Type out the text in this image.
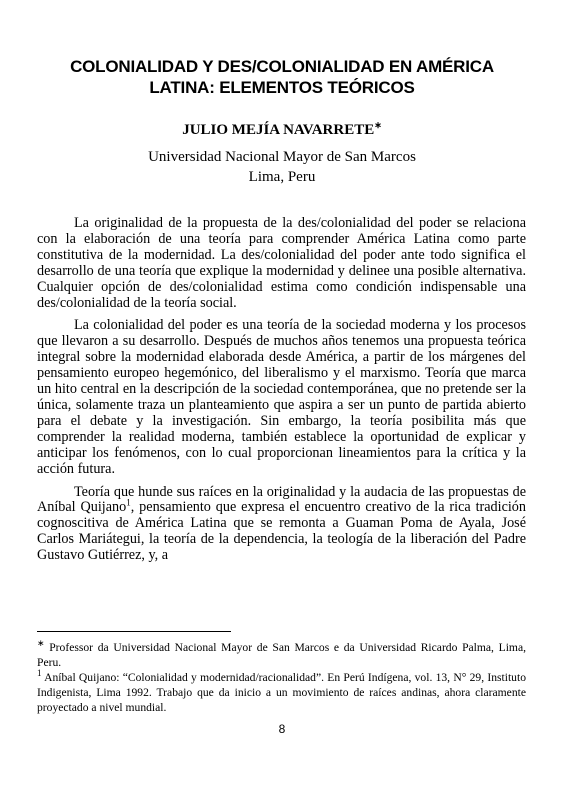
COLONIALIDAD Y DES/COLONIALIDAD EN AMÉRICA
LATINA: ELEMENTOS TEÓRICOS
JULIO MEJÍA NAVARRETE∗
Universidad Nacional Mayor de San Marcos
Lima, Peru

La originalidad de la propuesta de la des/colonialidad del poder se relaciona con la elaboración de una teoría para comprender América Latina como parte constitutiva de la modernidad. La des/colonialidad del poder ante todo significa el desarrollo de una teoría que explique la modernidad y delinee una posible alternativa. Cualquier opción de des/colonialidad estima como condición indispensable una des/colonialidad de la teoría social.

La colonialidad del poder es una teoría de la sociedad moderna y los procesos que llevaron a su desarrollo. Después de muchos años tenemos una propuesta teórica integral sobre la modernidad elaborada desde América, a partir de los márgenes del pensamiento europeo hegemónico, del liberalismo y el marxismo. Teoría que marca un hito central en la descripción de la sociedad contemporánea, que no pretende ser la única, solamente traza un planteamiento que aspira a ser un punto de partida abierto para el debate y la investigación. Sin embargo, la teoría posibilita más que comprender la realidad moderna, también establece la oportunidad de explicar y anticipar los fenómenos, con lo cual proporcionan lineamientos para la crítica y la acción futura.

Teoría que hunde sus raíces en la originalidad y la audacia de las propuestas de Aníbal Quijano$^1$, pensamiento que expresa el encuentro creativo de la rica tradición cognoscitiva de América Latina que se remonta a Guaman Poma de Ayala, José Carlos Mariátegui, la teoría de la dependencia, la teología de la liberación del Padre Gustavo Gutiérrez, y, a

∗ Professor da Universidad Nacional Mayor de San Marcos e da Universidad Ricardo Palma, Lima, Peru.

$^1$ Aníbal Quijano: “Colonialidad y modernidad/racionalidad”. En Perú Indígena, vol. 13, N° 29, Instituto Indigenista, Lima 1992. Trabajo que da inicio a un movimiento de raíces andinas, ahora claramente proyectado a nivel mundial.

8
